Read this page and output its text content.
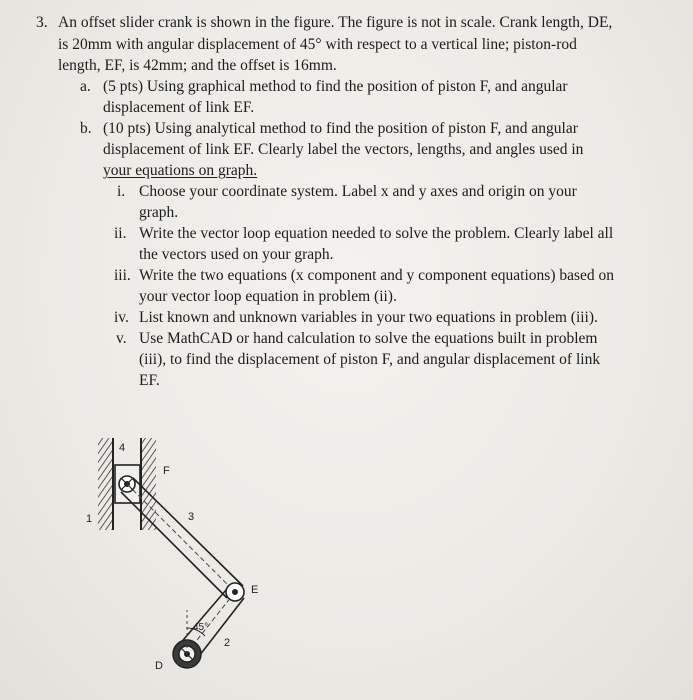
3. An offset slider crank is shown in the figure. The figure is not in scale. Crank length, DE,
is 20mm with angular displacement of 45° with respect to a vertical line; piston-rod
length, EF, is 42mm; and the offset is 16mm.
a. (5 pts) Using graphical method to find the position of piston F, and angular
displacement of link EF.
b. (10 pts) Using analytical method to find the position of piston F, and angular
displacement of link EF. Clearly label the vectors, lengths, and angles used in
your equations on graph.
i. Choose your coordinate system. Label x and y axes and origin on your
graph.
ii. Write the vector loop equation needed to solve the problem. Clearly label all
the vectors used on your graph.
iii. Write the two equations (x component and y component equations) based on
your vector loop equation in problem (ii).
iv. List known and unknown variables in your two equations in problem (iii).
v. Use MathCAD or hand calculation to solve the equations built in problem
(iii), to find the displacement of piston F, and angular displacement of link
EF.
4
F
1	3
E
45°
2
D
